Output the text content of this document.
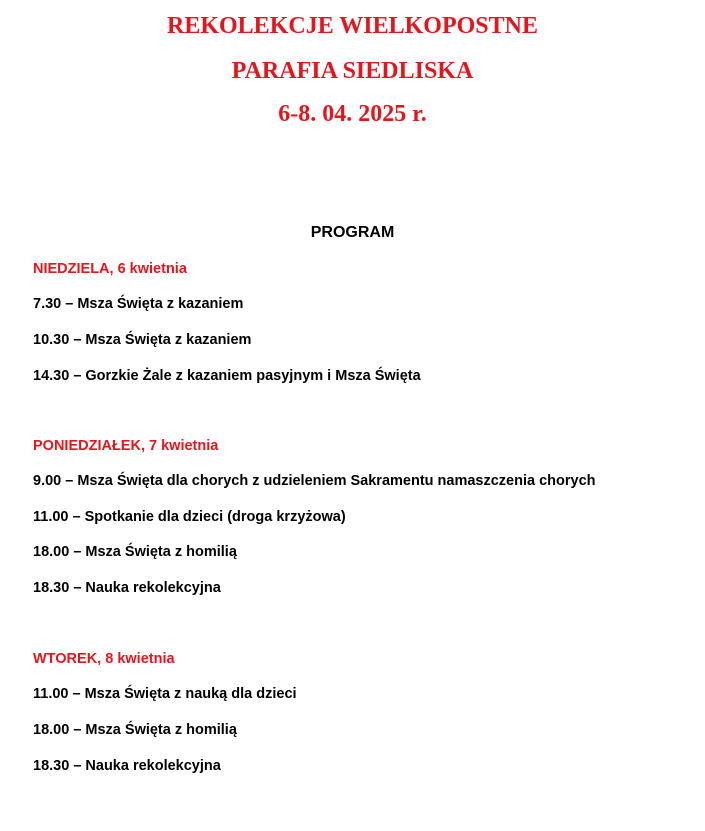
REKOLEKCJE WIELKOPOSTNE
PARAFIA SIEDLISKA
6-8. 04. 2025 r.
PROGRAM
NIEDZIELA, 6 kwietnia
7.30 – Msza Święta z kazaniem
10.30 – Msza Święta z kazaniem
14.30 – Gorzkie Żale z kazaniem pasyjnym i Msza Święta
PONIEDZIAŁEK, 7 kwietnia
9.00 – Msza Święta dla chorych z udzieleniem Sakramentu namaszczenia chorych
11.00 – Spotkanie dla dzieci (droga krzyżowa)
18.00 – Msza Święta z homilią
18.30 – Nauka rekolekcyjna
WTOREK, 8 kwietnia
11.00 – Msza Święta z nauką dla dzieci
18.00 – Msza Święta z homilią
18.30 – Nauka rekolekcyjna
